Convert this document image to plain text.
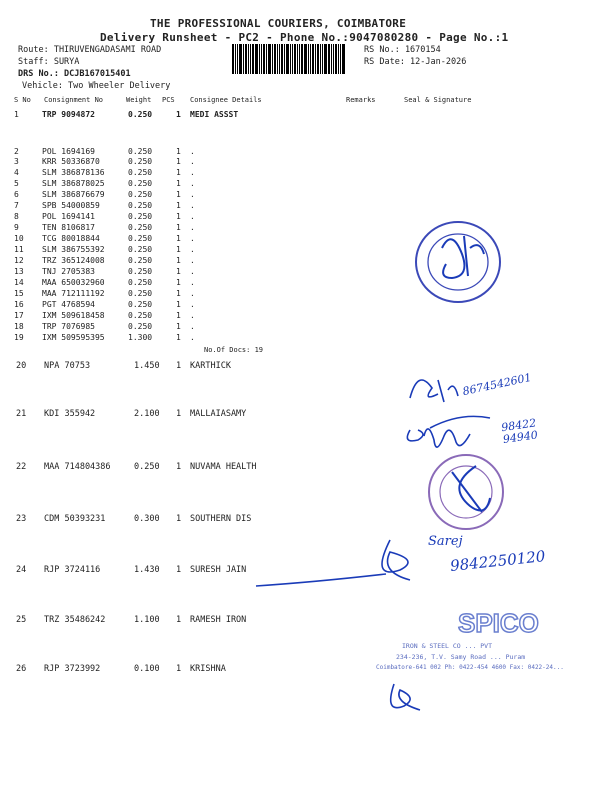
THE PROFESSIONAL COURIERS, COIMBATORE
Delivery Runsheet - PC2 - Phone No.:9047080280 - Page No.:1
Route: THIRUVENGADASAMI ROAD
Staff: SURYA
DRS No.: DCJB167015401
Vehicle: Two Wheeler Delivery
RS No.: 1670154
RS Date: 12-Jan-2026
S No Consignment No	Weight PCS Consignee Details	Remarks	Seal & Signature
1	TRP 9094872	0.250	1 MEDI ASSST
2	POL 1694169	0.250	1 .
3	KRR 50336870	0.250	1 .
4	SLM 386878136	0.250	1 .
5	SLM 386878025	0.250	1 .
6	SLM 386876679	0.250	1 .
7	SPB 54000859	0.250	1 .
8	POL 1694141	0.250	1 .
9	TEN 8106817	0.250	1 .
10 TCG 80018844	0.250	1 .
11 SLM 386755392	0.250	1 .
12 TRZ 365124008	0.250	1 .
13 TNJ 2705383	0.250	1 .
14 MAA 650032960	0.250	1 .
15 MAA 712111192	0.250	1 .
16 PGT 4768594	0.250	1 .
17 IXM 509618458	0.250	1 .
18 TRP 7076985	0.250	1 .
19 IXM 509595395	1.300	1 .
No.Of Docs: 19
20 NPA 70753	1.450 1 KARTHICK
21 KDI 355942	2.100 1 MALLAIASAMY
22 MAA 714804386	0.250 1 NUVAMA HEALTH
23 CDM 50393231	0.300 1 SOUTHERN DIS
24 RJP 3724116	1.430 1 SURESH JAIN
25 TRZ 35486242	1.100 1 RAMESH IRON
26 RJP 3723992	0.100 1 KRISHNA
8674542601
98422 94940
Sarej
9842250120
SPICO
IRON & STEEL CO ... PVT
234-236, T.V. Samy Road ... Puram
Coimbatore-641 002 Ph: 0422-454 4600 Fax: 0422-24...
